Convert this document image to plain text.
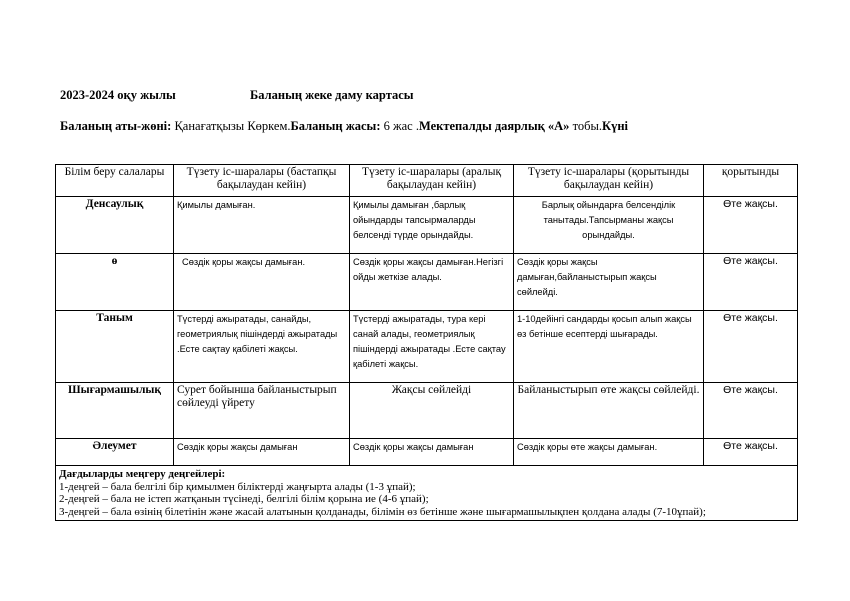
2023-2024 оқу жылы	Баланың жеке даму картасы
Баланың аты-жөні: Қанағатқызы Көркем.Баланың жасы: 6 жас .Мектепалды даярлық «А» тобы.Күні
Білім беру салалары	Түзету іс-шаралары (бастапқы бақылаудан кейін)	Түзету іс-шаралары (аралық бақылаудан кейін)	Түзету іс-шаралары (қорытынды бақылаудан кейін)	қорытынды
Денсаулық	Қимылы дамыған.	Қимылы дамыған ,барлық ойындарды тапсырмаларды белсенді түрде орындайды.	Барлық ойындарға белсенділік танытады.Тапсырманы жақсы орындайды.	Өте жақсы.
ө	Сөздік қоры жақсы дамыған.	Сөздік қоры жақсы дамыған.Негізгі ойды жеткізе алады.	Сөздік қоры жақсы дамыған,байланыстырып жақсы сөйлейді.	Өте жақсы.
Таным	Түстерді ажыратады, санайды, геометриялық пішіндерді ажыратады .Есте сақтау қабілеті жақсы.	Түстерді ажыратады, тура кері санай алады, геометриялық пішіндерді ажыратады .Есте сақтау қабілеті жақсы.	1-10дейінгі сандарды қосып алып жақсы өз бетінше есептерді шығарады.	Өте жақсы.
Шығармашылық	Сурет бойынша байланыстырып сөйлеуді үйрету	Жақсы сөйлейді	Байланыстырып өте жақсы сөйлейді.	Өте жақсы.
Әлеумет	Сөздік қоры жақсы дамыған	Сөздік қоры жақсы дамыған	Сөздік қоры өте жақсы дамыған.	Өте жақсы.

Дағдыларды меңгеру деңгейлері:
1-деңгей – бала белгілі бір қимылмен біліктерді жаңғырта алады (1-3 ұпай);
2-деңгей – бала не істеп жатқанын түсінеді, белгілі білім қорына ие (4-6 ұпай);
3-деңгей – бала өзінің білетінін және жасай алатынын қолданады, білімін өз бетінше және шығармашылықпен қолдана алады (7-10ұпай);				
